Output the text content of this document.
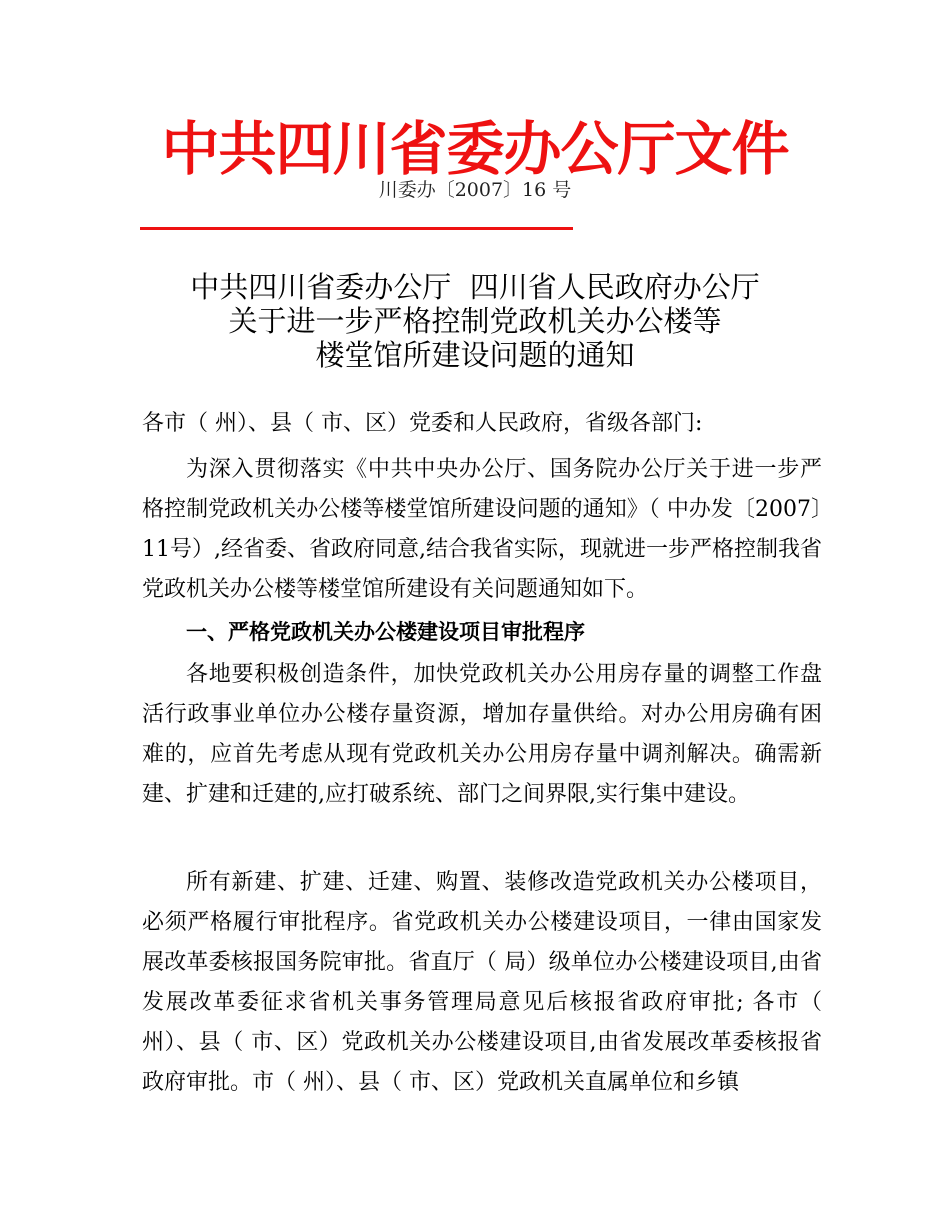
中共四川省委办公厅文件
川委办〔2007〕16 号
中共四川省委办公厅  四川省人民政府办公厅
关于进一步严格控制党政机关办公楼等
楼堂馆所建设问题的通知
各市（ 州）、县（ 市、区）党委和人民政府，省级各部门:
为深入贯彻落实《中共中央办公厅、国务院办公厅关于进一步严格控制党政机关办公楼等楼堂馆所建设问题的通知》（ 中办发〔2007〕11号）,经省委、省政府同意,结合我省实际，现就进一步严格控制我省党政机关办公楼等楼堂馆所建设有关问题通知如下。
一、严格党政机关办公楼建设项目审批程序
各地要积极创造条件，加快党政机关办公用房存量的调整工作盘活行政事业单位办公楼存量资源，增加存量供给。对办公用房确有困难的，应首先考虑从现有党政机关办公用房存量中调剂解决。确需新建、扩建和迁建的,应打破系统、部门之间界限,实行集中建设。
所有新建、扩建、迁建、购置、装修改造党政机关办公楼项目，必须严格履行审批程序。省党政机关办公楼建设项目，一律由国家发展改革委核报国务院审批。省直厅（ 局）级单位办公楼建设项目,由省发展改革委征求省机关事务管理局意见后核报省政府审批; 各市（ 州）、县（ 市、区）党政机关办公楼建设项目,由省发展改革委核报省政府审批。市（ 州）、县（ 市、区）党政机关直属单位和乡镇
